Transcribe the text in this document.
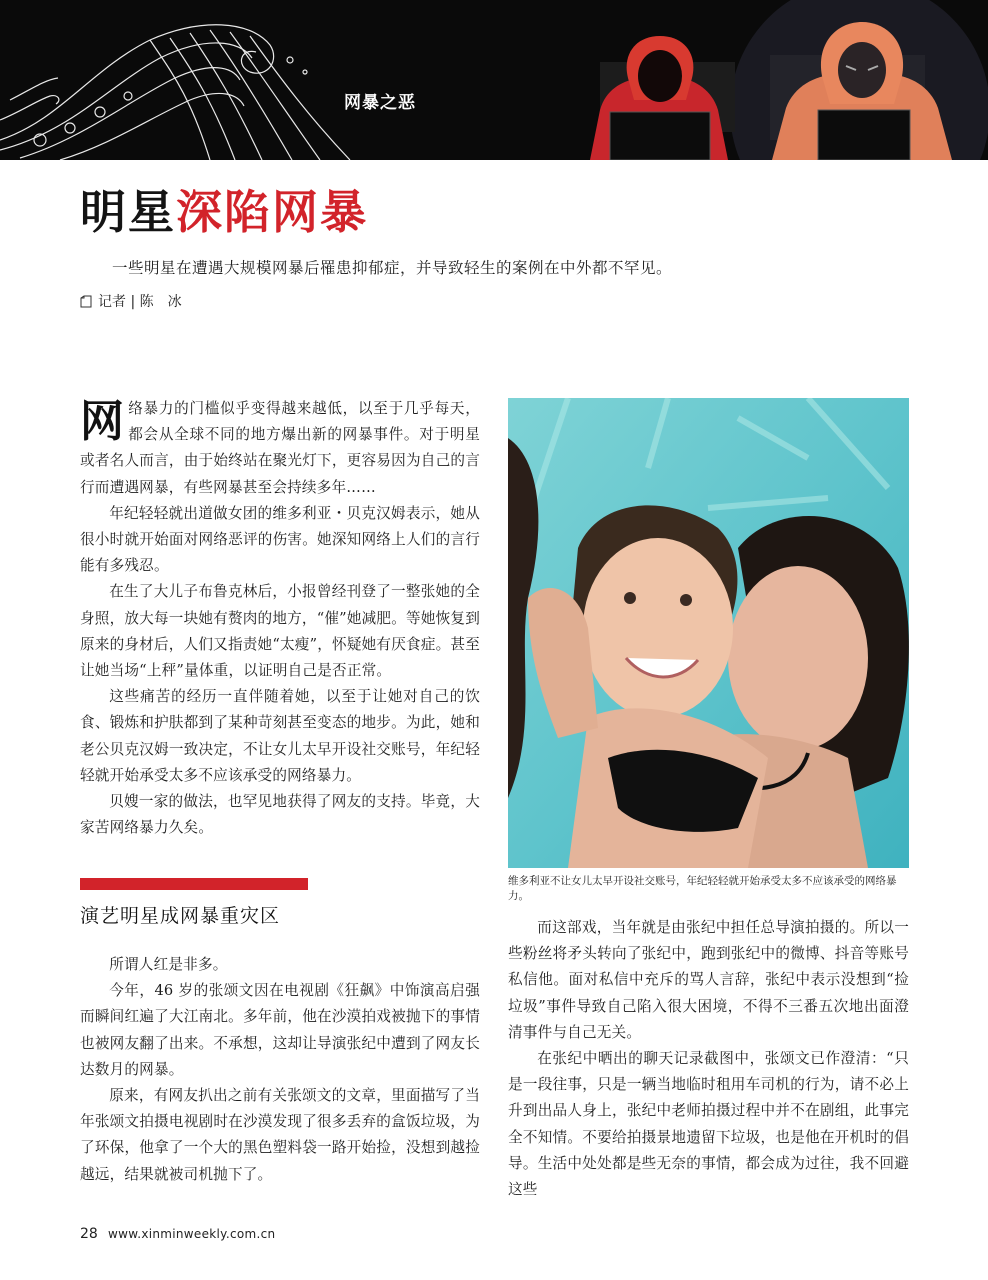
网暴之恶
明星深陷网暴
一些明星在遭遇大规模网暴后罹患抑郁症，并导致轻生的案例在中外都不罕见。
记者 | 陈　冰

网络暴力的门槛似乎变得越来越低，以至于几乎每天，都会从全球不同的地方爆出新的网暴事件。对于明星或者名人而言，由于始终站在聚光灯下，更容易因为自己的言行而遭遇网暴，有些网暴甚至会持续多年……

年纪轻轻就出道做女团的维多利亚・贝克汉姆表示，她从很小时就开始面对网络恶评的伤害。她深知网络上人们的言行能有多残忍。

在生了大儿子布鲁克林后，小报曾经刊登了一整张她的全身照，放大每一块她有赘肉的地方，“催”她减肥。等她恢复到原来的身材后，人们又指责她“太瘦”，怀疑她有厌食症。甚至让她当场“上秤”量体重，以证明自己是否正常。

这些痛苦的经历一直伴随着她，以至于让她对自己的饮食、锻炼和护肤都到了某种苛刻甚至变态的地步。为此，她和老公贝克汉姆一致决定，不让女儿太早开设社交账号，年纪轻轻就开始承受太多不应该承受的网络暴力。

贝嫂一家的做法，也罕见地获得了网友的支持。毕竟，大家苦网络暴力久矣。

维多利亚不让女儿太早开设社交账号，年纪轻轻就开始承受太多不应该承受的网络暴力。
演艺明星成网暴重灾区

所谓人红是非多。

今年，46 岁的张颂文因在电视剧《狂飙》中饰演高启强而瞬间红遍了大江南北。多年前，他在沙漠拍戏被抛下的事情也被网友翻了出来。不承想，这却让导演张纪中遭到了网友长达数月的网暴。

原来，有网友扒出之前有关张颂文的文章，里面描写了当年张颂文拍摄电视剧时在沙漠发现了很多丢弃的盒饭垃圾，为了环保，他拿了一个大的黑色塑料袋一路开始捡，没想到越捡越远，结果就被司机抛下了。

而这部戏，当年就是由张纪中担任总导演拍摄的。所以一些粉丝将矛头转向了张纪中，跑到张纪中的微博、抖音等账号私信他。面对私信中充斥的骂人言辞，张纪中表示没想到“捡垃圾”事件导致自己陷入很大困境，不得不三番五次地出面澄清事件与自己无关。

在张纪中晒出的聊天记录截图中，张颂文已作澄清：“只是一段往事，只是一辆当地临时租用车司机的行为，请不必上升到出品人身上，张纪中老师拍摄过程中并不在剧组，此事完全不知情。不要给拍摄景地遗留下垃圾，也是他在开机时的倡导。生活中处处都是些无奈的事情，都会成为过往，我不回避这些

28 www.xinminweekly.com.cn
